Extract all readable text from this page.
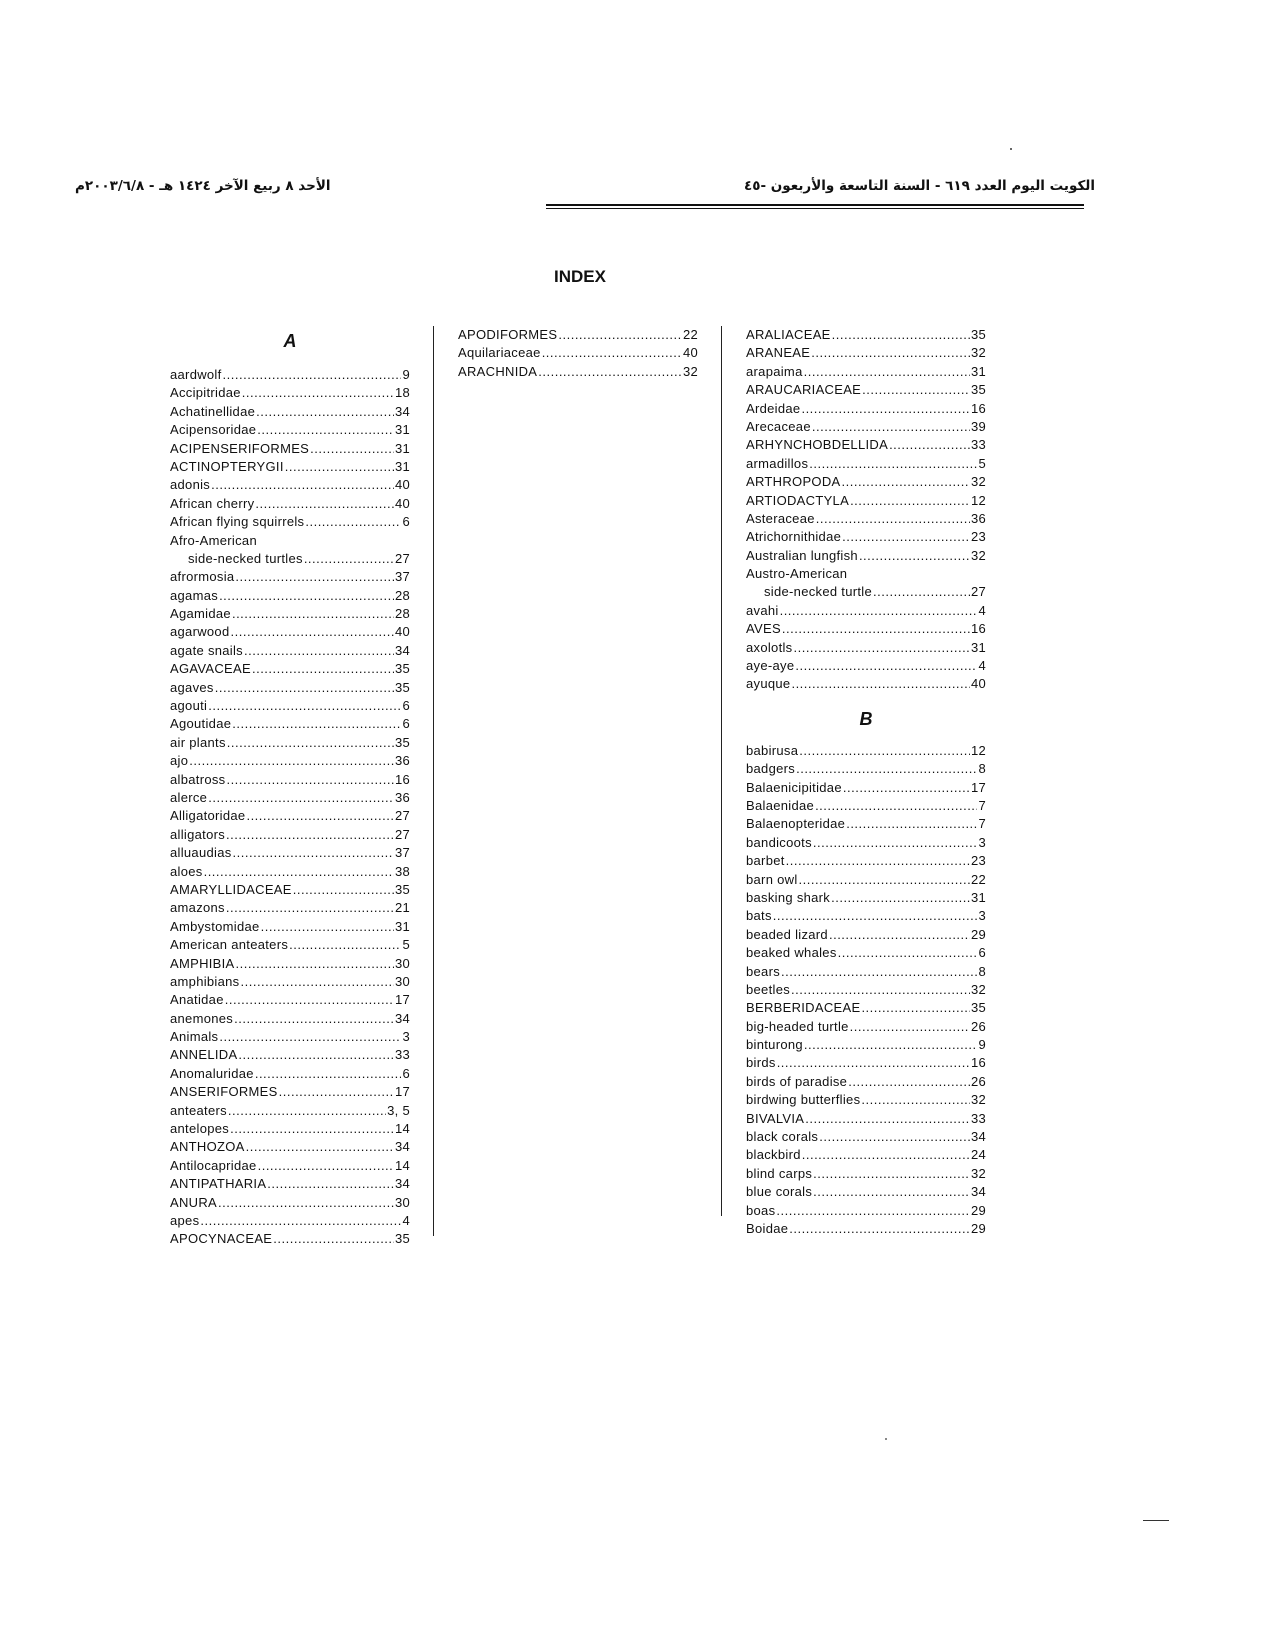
الكويت اليوم العدد ٦١٩ - السنة التاسعة والأربعون -٤٥
الأحد ٨ ربيع الآخر ١٤٢٤ هـ - ٢٠٠٣/٦/٨م
INDEX
A
aardwolf .....	9
Accipitridae .....	18
Achatinellidae .....	34
Acipensoridae .....	31
ACIPENSERIFORMES .....	31
ACTINOPTERYGII .....	31
adonis .....	40
African cherry .....	40
African flying squirrels .....	6
Afro-American
side-necked turtles .....	27
afrormosia .....	37
agamas .....	28
Agamidae .....	28
agarwood .....	40
agate snails .....	34
AGAVACEAE .....	35
agaves .....	35
agouti .....	6
Agoutidae .....	6
air plants .....	35
ajo .....	36
albatross .....	16
alerce .....	36
Alligatoridae .....	27
alligators .....	27
alluaudias .....	37
aloes .....	38
AMARYLLIDACEAE .....	35
amazons .....	21
Ambystomidae .....	31
American anteaters .....	5
AMPHIBIA .....	30
amphibians .....	30
Anatidae .....	17
anemones .....	34
Animals .....	3
ANNELIDA .....	33
Anomaluridae .....	6
ANSERIFORMES .....	17
anteaters .....	3, 5
antelopes .....	14
ANTHOZOA .....	34
Antilocapridae .....	14
ANTIPATHARIA .....	34
ANURA .....	30
apes .....	4
APOCYNACEAE .....	35
APODIFORMES .....	22
Aquilariaceae .....	40
ARACHNIDA .....	32
ARALIACEAE .....	35
ARANEAE .....	32
arapaima .....	31
ARAUCARIACEAE .....	35
Ardeidae .....	16
Arecaceae .....	39
ARHYNCHOBDELLIDA .....	33
armadillos .....	5
ARTHROPODA .....	32
ARTIODACTYLA .....	12
Asteraceae .....	36
Atrichornithidae .....	23
Australian lungfish .....	32
Austro-American
side-necked turtle .....	27
avahi .....	4
AVES .....	16
axolotls .....	31
aye-aye .....	4
ayuque .....	40
B
babirusa .....	12
badgers .....	8
Balaenicipitidae .....	17
Balaenidae .....	7
Balaenopteridae .....	7
bandicoots .....	3
barbet .....	23
barn owl .....	22
basking shark .....	31
bats .....	3
beaded lizard .....	29
beaked whales .....	6
bears .....	8
beetles .....	32
BERBERIDACEAE .....	35
big-headed turtle .....	26
binturong .....	9
birds .....	16
birds of paradise .....	26
birdwing butterflies .....	32
BIVALVIA .....	33
black corals .....	34
blackbird .....	24
blind carps .....	32
blue corals .....	34
boas .....	29
Boidae .....	29
